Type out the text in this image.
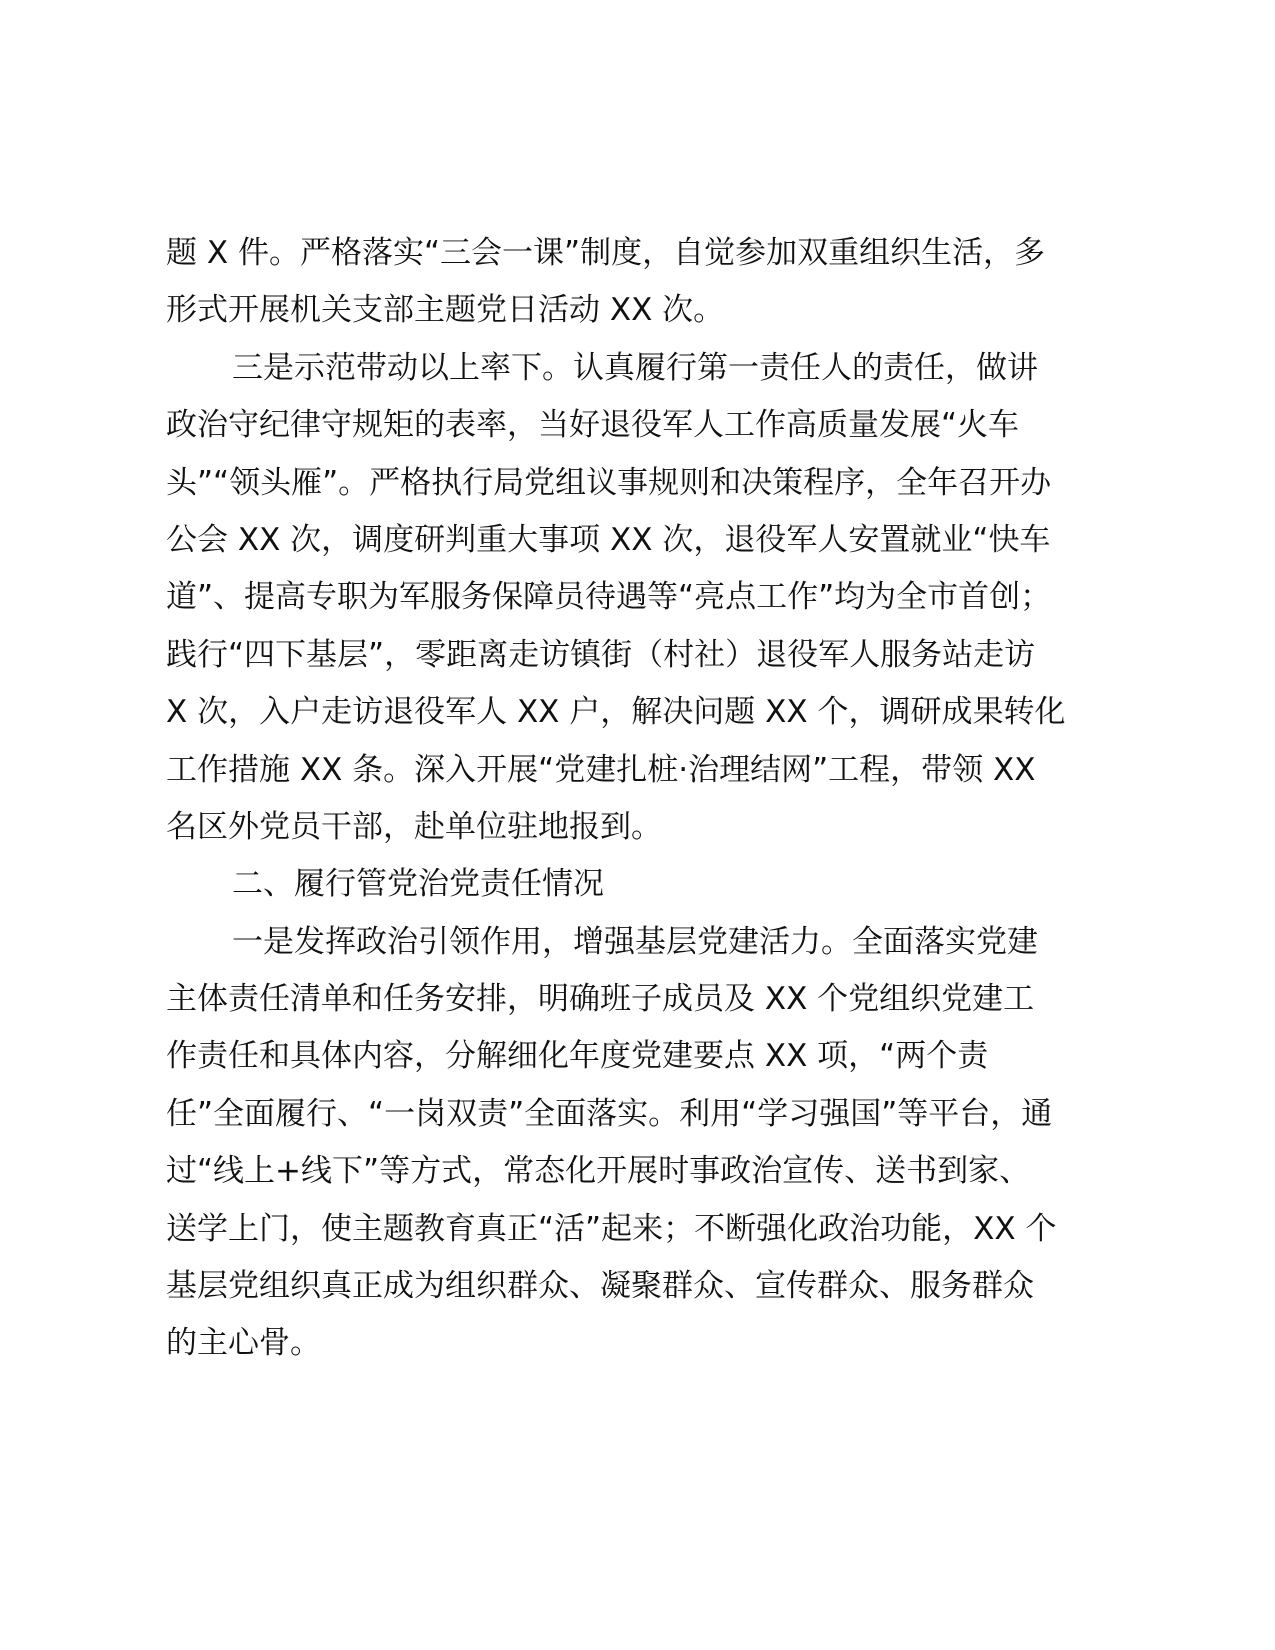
题 X 件。严格落实“三会一课”制度，自觉参加双重组织生活，多
形式开展机关支部主题党日活动 XX 次。
三是示范带动以上率下。认真履行第一责任人的责任，做讲
政治守纪律守规矩的表率，当好退役军人工作高质量发展“火车
头”“领头雁”。严格执行局党组议事规则和决策程序，全年召开办
公会 XX 次，调度研判重大事项 XX 次，退役军人安置就业“快车
道”、提高专职为军服务保障员待遇等“亮点工作”均为全市首创；
践行“四下基层”，零距离走访镇街（村社）退役军人服务站走访
X 次，入户走访退役军人 XX 户，解决问题 XX 个，调研成果转化
工作措施 XX 条。深入开展“党建扎桩·治理结网”工程，带领 XX
名区外党员干部，赴单位驻地报到。
二、履行管党治党责任情况
一是发挥政治引领作用，增强基层党建活力。全面落实党建
主体责任清单和任务安排，明确班子成员及 XX 个党组织党建工
作责任和具体内容，分解细化年度党建要点 XX 项，“两个责
任”全面履行、“一岗双责”全面落实。利用“学习强国”等平台，通
过“线上+线下”等方式，常态化开展时事政治宣传、送书到家、
送学上门，使主题教育真正“活”起来；不断强化政治功能，XX 个
基层党组织真正成为组织群众、凝聚群众、宣传群众、服务群众
的主心骨。
